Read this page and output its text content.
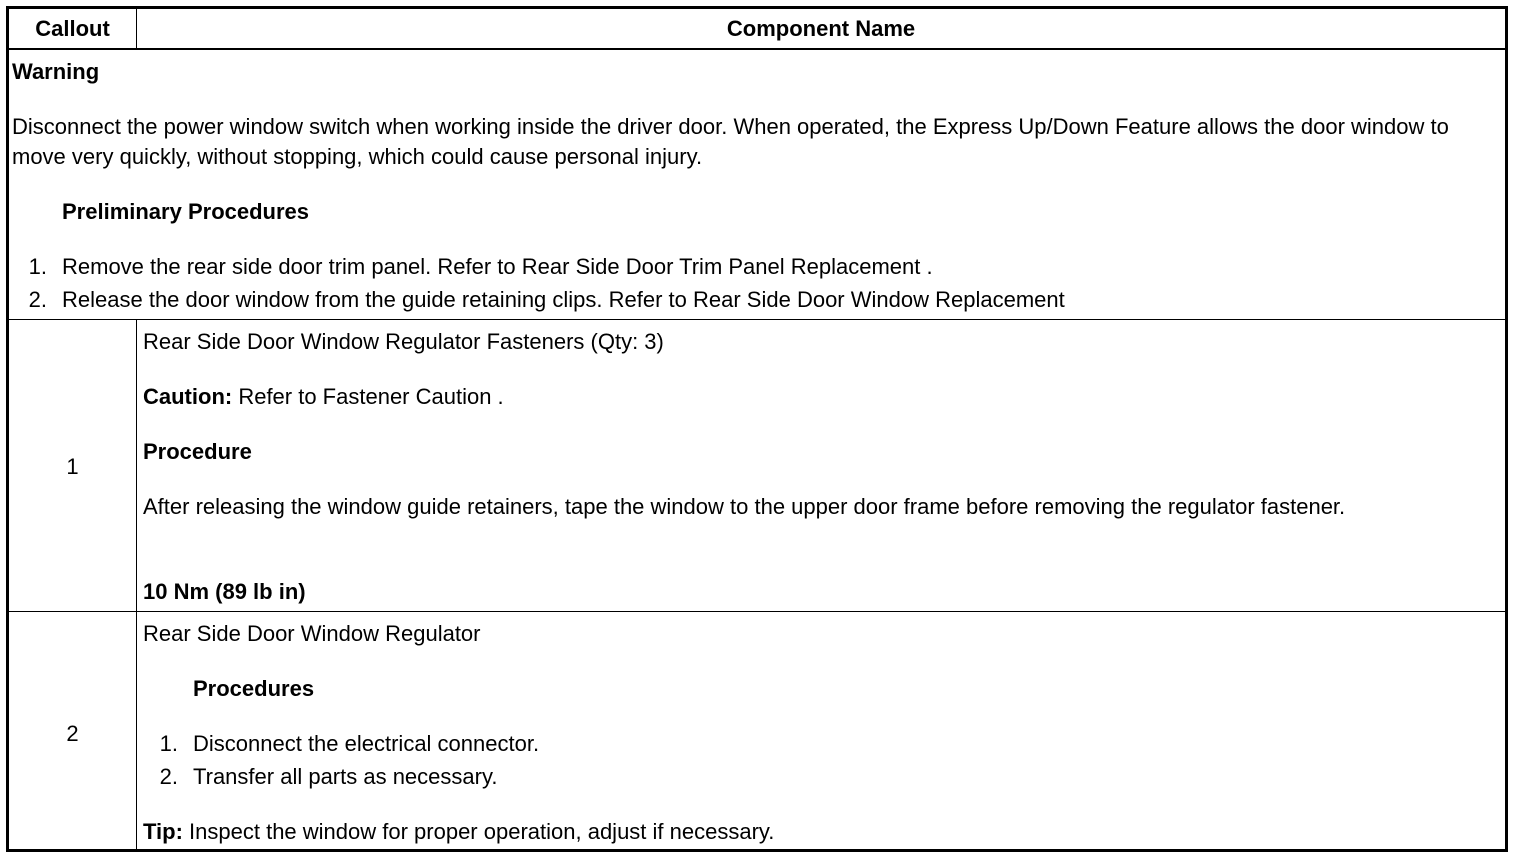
Callout	Component Name
Warning
Disconnect the power window switch when working inside the driver door. When operated, the Express Up/Down Feature allows the door window to move very quickly, without stopping, which could cause personal injury.
Preliminary Procedures
1. Remove the rear side door trim panel. Refer to Rear Side Door Trim Panel Replacement .
2. Release the door window from the guide retaining clips. Refer to Rear Side Door Window Replacement
1
Rear Side Door Window Regulator Fasteners (Qty: 3)
Caution: Refer to Fastener Caution .
Procedure
After releasing the window guide retainers, tape the window to the upper door frame before removing the regulator fastener.
10 Nm (89 lb in)
2
Rear Side Door Window Regulator
Procedures
1. Disconnect the electrical connector.
2. Transfer all parts as necessary.
Tip: Inspect the window for proper operation, adjust if necessary.
